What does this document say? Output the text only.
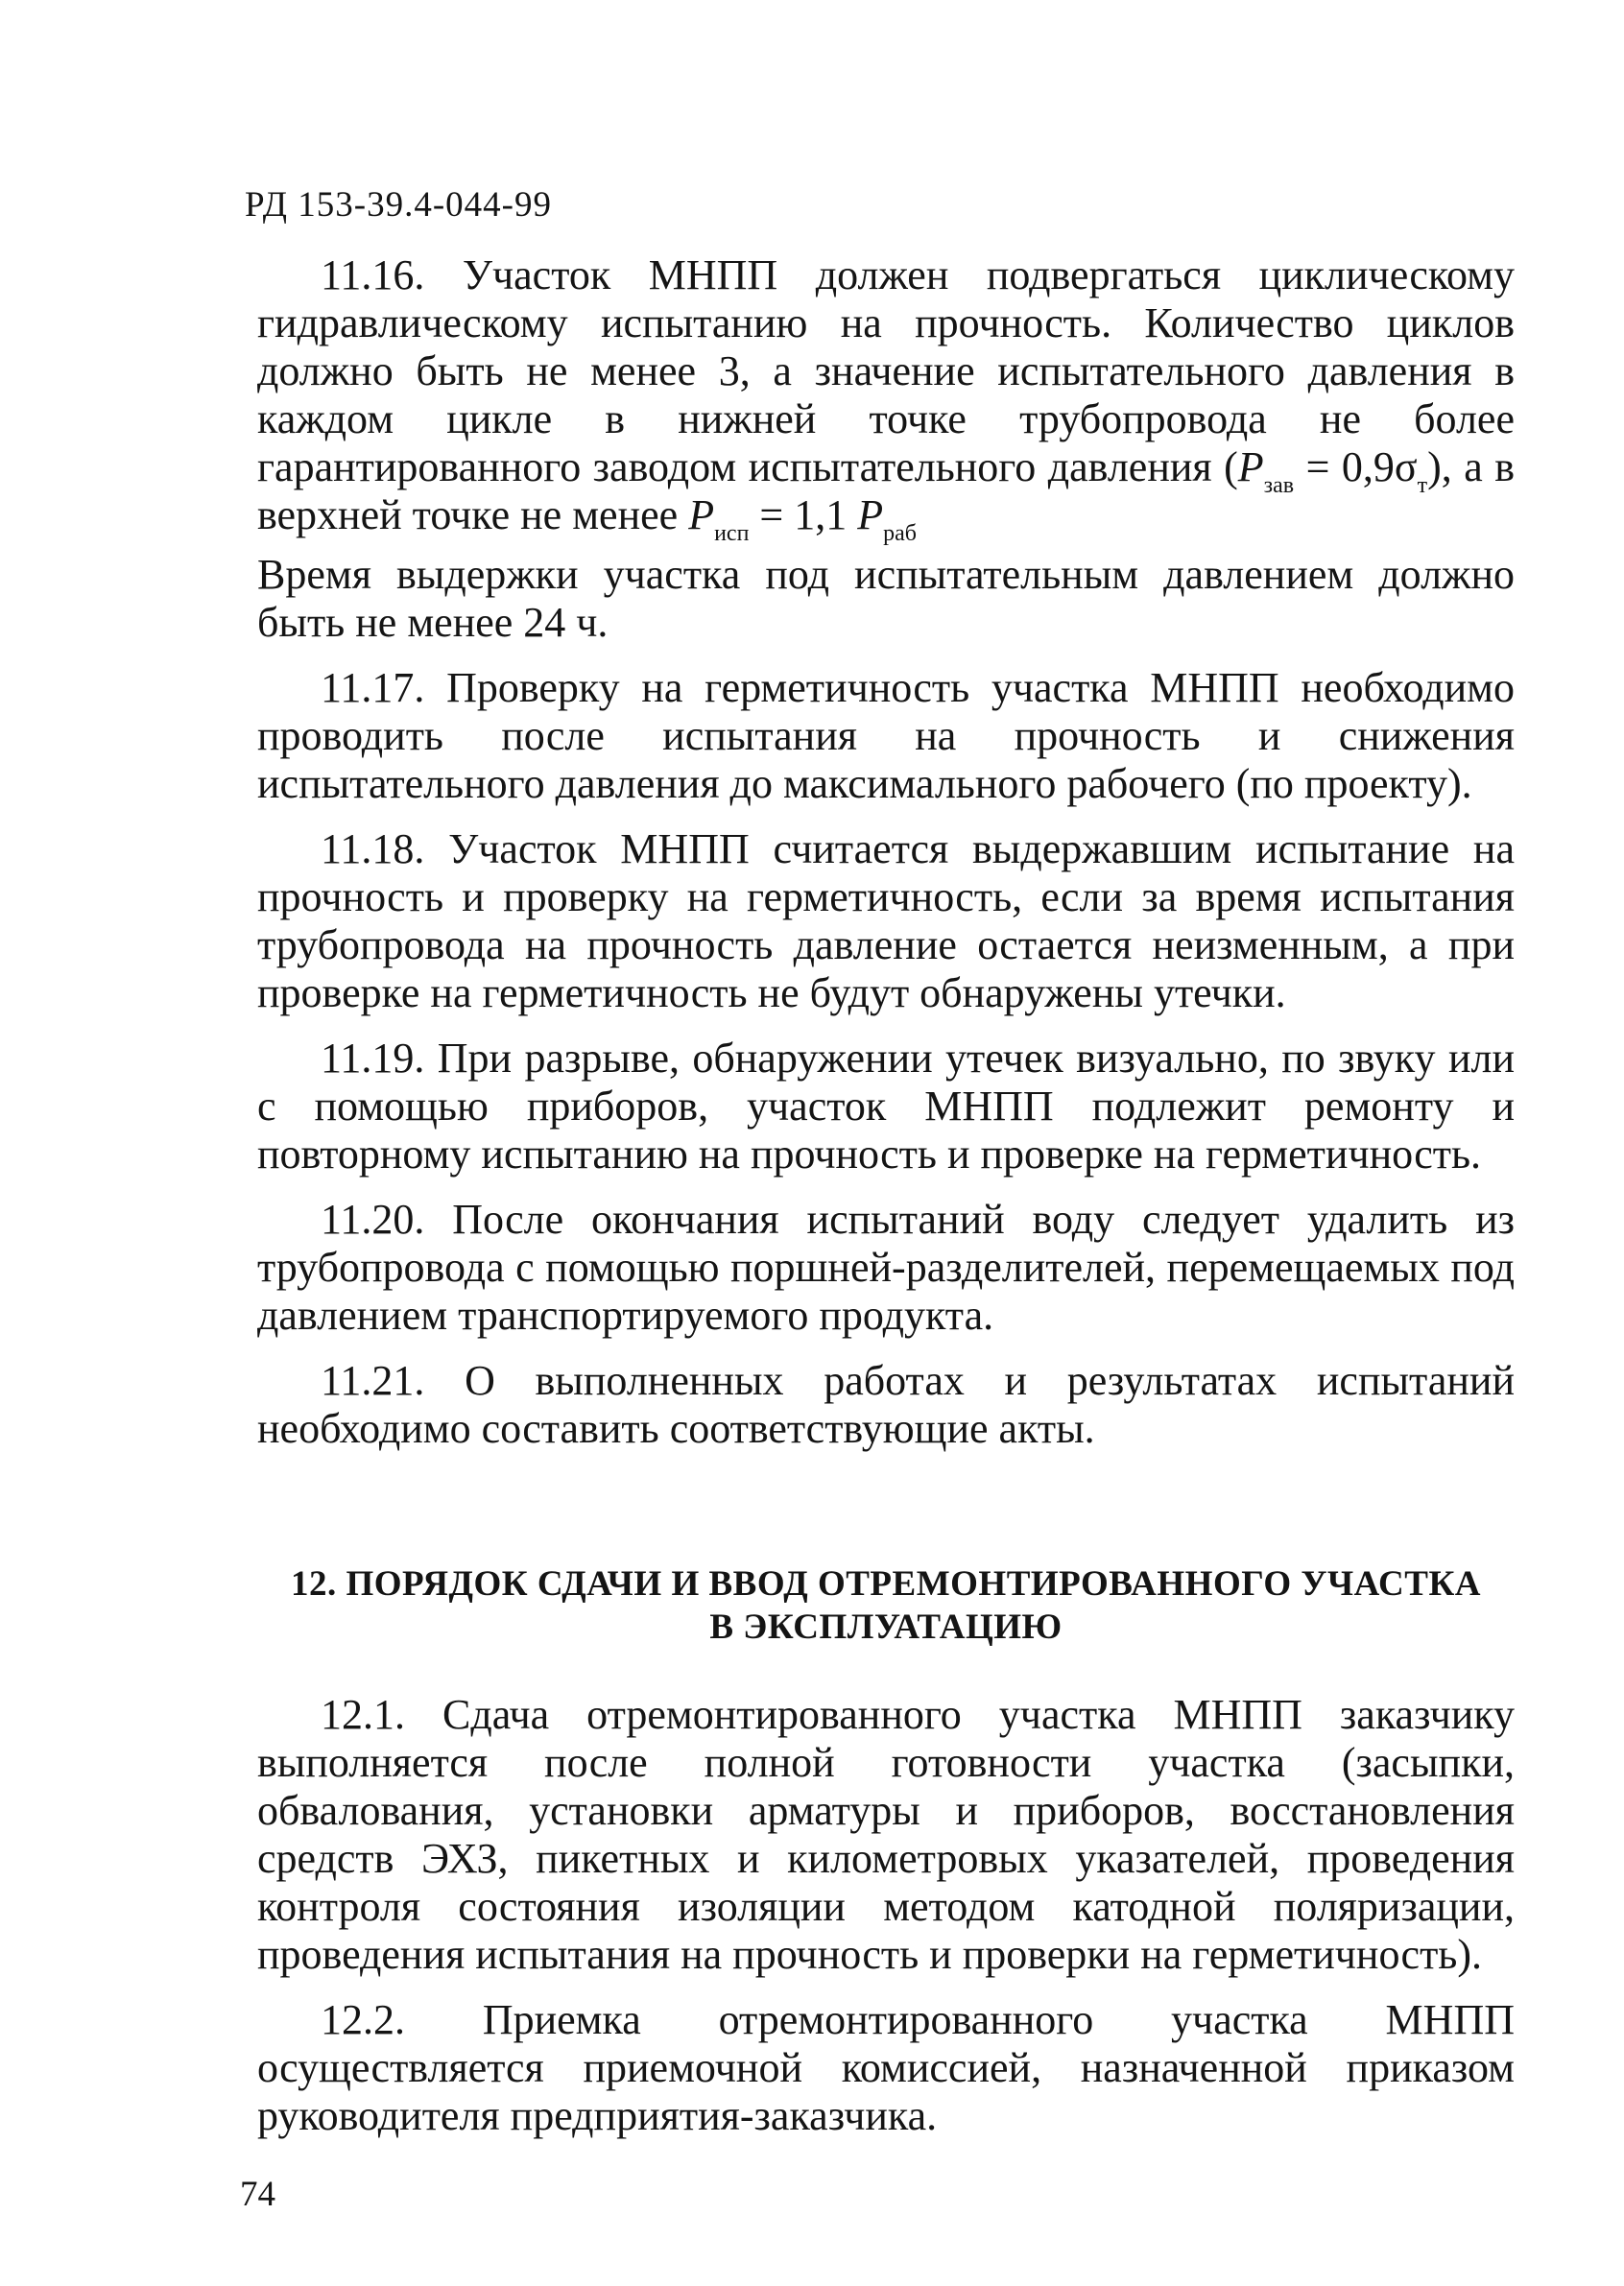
РД 153-39.4-044-99

11.16. Участок МНПП должен подвергаться циклическому гидравлическому испытанию на прочность. Количество циклов должно быть не менее 3, а значение испытательного давления в каждом цикле в нижней точке трубопровода не более гарантированного заводом испытательного давления $(P_{зав} = 0,9\sigma_т)$, а в верхней точке не менее $P_{исп} = 1,1$ $P_{раб}$

Время выдержки участка под испытательным давлением должно быть не менее 24 ч.

11.17. Проверку на герметичность участка МНПП необходимо проводить после испытания на прочность и снижения испытательного давления до максимального рабочего (по проекту).

11.18. Участок МНПП считается выдержавшим испытание на прочность и проверку на герметичность, если за время испытания трубопровода на прочность давление остается неизменным, а при проверке на герметичность не будут обнаружены утечки.

11.19. При разрыве, обнаружении утечек визуально, по звуку или с помощью приборов, участок МНПП подлежит ремонту и повторному испытанию на прочность и проверке на герметичность.

11.20. После окончания испытаний воду следует удалить из трубопровода с помощью поршней-разделителей, перемещаемых под давлением транспортируемого продукта.

11.21. О выполненных работах и результатах испытаний необходимо составить соответствующие акты.

12. ПОРЯДОК СДАЧИ И ВВОД ОТРЕМОНТИРОВАННОГО УЧАСТКА
В ЭКСПЛУАТАЦИЮ

12.1. Сдача отремонтированного участка МНПП заказчику выполняется после полной готовности участка (засыпки, обвалования, установки арматуры и приборов, восстановления средств ЭХЗ, пикетных и километровых указателей, проведения контроля состояния изоляции методом катодной поляризации, проведения испытания на прочность и проверки на герметичность).

12.2. Приемка отремонтированного участка МНПП осуществляется приемочной комиссией, назначенной приказом руководителя предприятия-заказчика.

74
